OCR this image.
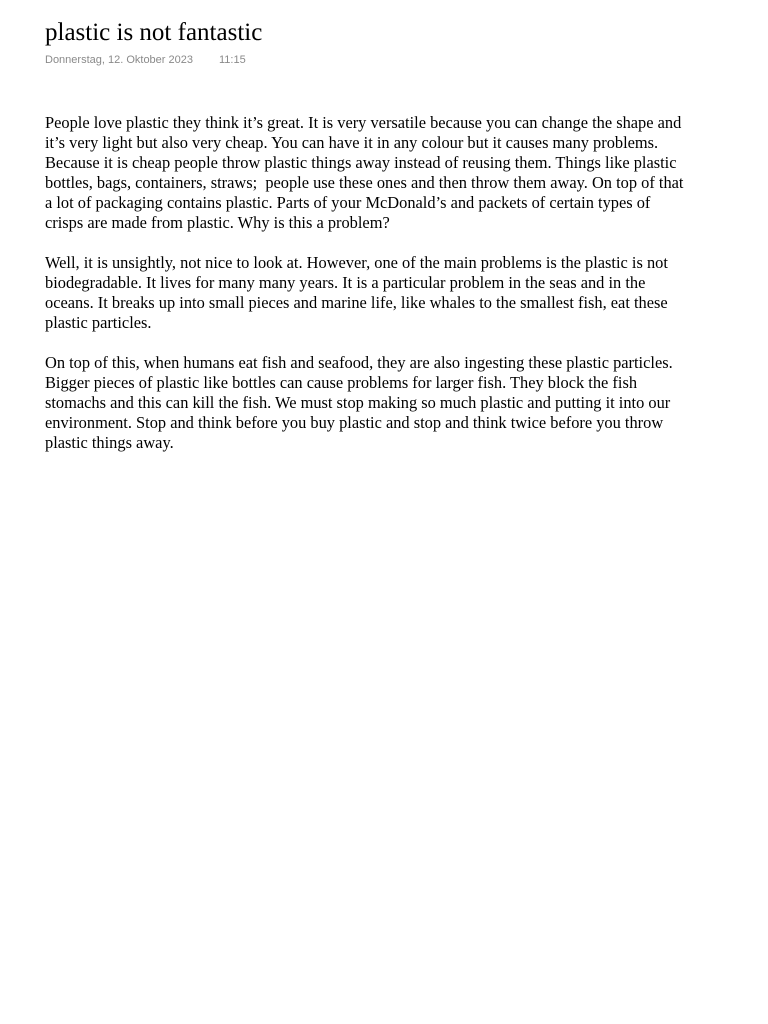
plastic is not fantastic
Donnerstag, 12. Oktober 2023 11:15

People love plastic they think it’s great. It is very versatile because you can change the shape and it’s very light but also very cheap. You can have it in any colour but it causes many problems.

Because it is cheap people throw plastic things away instead of reusing them. Things like plastic bottles, bags, containers, straws;  people use these ones and then throw them away. On top of that a lot of packaging contains plastic. Parts of your McDonald’s and packets of certain types of crisps are made from plastic. Why is this a problem?

Well, it is unsightly, not nice to look at. However, one of the main problems is the plastic is not biodegradable. It lives for many many years. It is a particular problem in the seas and in the oceans. It breaks up into small pieces and marine life, like whales to the smallest fish, eat these plastic particles.

On top of this, when humans eat fish and seafood, they are also ingesting these plastic particles. Bigger pieces of plastic like bottles can cause problems for larger fish. They block the fish stomachs and this can kill the fish. We must stop making so much plastic and putting it into our environment. Stop and think before you buy plastic and stop and think twice before you throw plastic things away.
